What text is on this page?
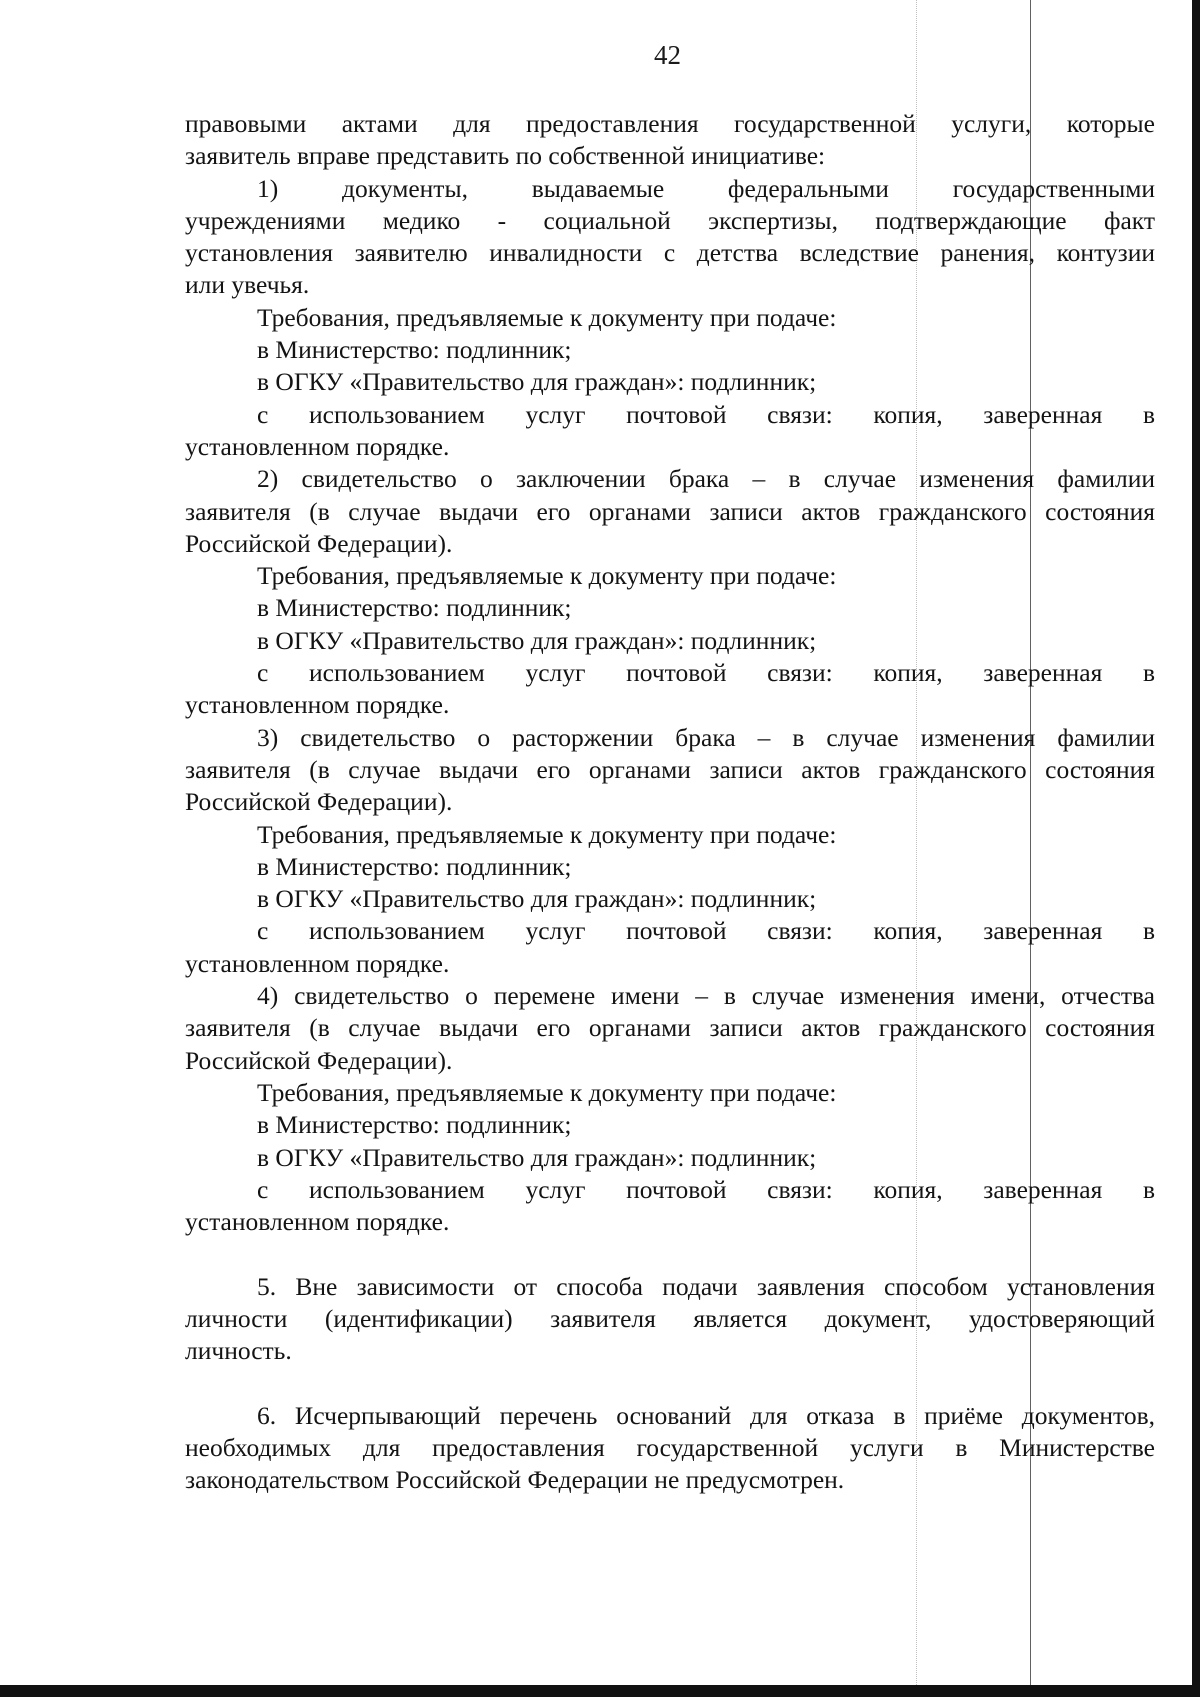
42
правовыми актами для предоставления государственной услуги, которые
заявитель вправе представить по собственной инициативе:
1) документы, выдаваемые федеральными государственными
учреждениями медико - социальной экспертизы, подтверждающие факт
установления заявителю инвалидности с детства вследствие ранения, контузии
или увечья.
Требования, предъявляемые к документу при подаче:
в Министерство: подлинник;
в ОГКУ «Правительство для граждан»: подлинник;
с использованием услуг почтовой связи: копия, заверенная в
установленном порядке.
2) свидетельство о заключении брака – в случае изменения фамилии
заявителя (в случае выдачи его органами записи актов гражданского состояния
Российской Федерации).
Требования, предъявляемые к документу при подаче:
в Министерство: подлинник;
в ОГКУ «Правительство для граждан»: подлинник;
с использованием услуг почтовой связи: копия, заверенная в
установленном порядке.
3) свидетельство о расторжении брака – в случае изменения фамилии
заявителя (в случае выдачи его органами записи актов гражданского состояния
Российской Федерации).
Требования, предъявляемые к документу при подаче:
в Министерство: подлинник;
в ОГКУ «Правительство для граждан»: подлинник;
с использованием услуг почтовой связи: копия, заверенная в
установленном порядке.
4) свидетельство о перемене имени – в случае изменения имени, отчества
заявителя (в случае выдачи его органами записи актов гражданского состояния
Российской Федерации).
Требования, предъявляемые к документу при подаче:
в Министерство: подлинник;
в ОГКУ «Правительство для граждан»: подлинник;
с использованием услуг почтовой связи: копия, заверенная в
установленном порядке.
5. Вне зависимости от способа подачи заявления способом установления
личности (идентификации) заявителя является документ, удостоверяющий
личность.
6. Исчерпывающий перечень оснований для отказа в приёме документов,
необходимых для предоставления государственной услуги в Министерстве
законодательством Российской Федерации не предусмотрен.
